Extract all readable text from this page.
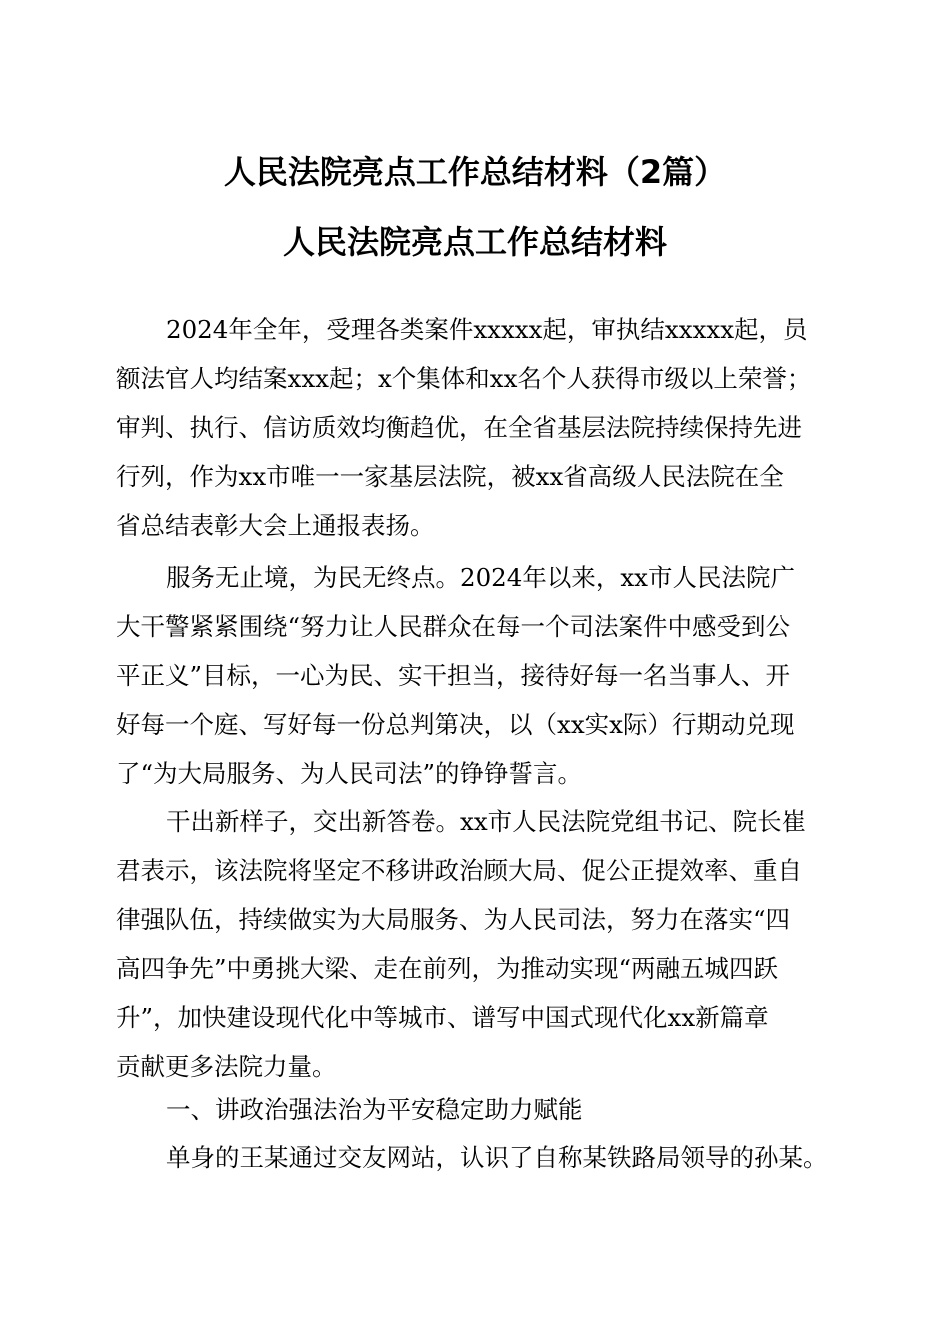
人民法院亮点工作总结材料（2篇）
人民法院亮点工作总结材料
2024年全年，受理各类案件xxxxx起，审执结xxxxx起，员
额法官人均结案xxx起；x个集体和xx名个人获得市级以上荣誉；
审判、执行、信访质效均衡趋优，在全省基层法院持续保持先进
行列，作为xx市唯一一家基层法院，被xx省高级人民法院在全
省总结表彰大会上通报表扬。
服务无止境，为民无终点。2024年以来，xx市人民法院广
大干警紧紧围绕“努力让人民群众在每一个司法案件中感受到公
平正义”目标，一心为民、实干担当，接待好每一名当事人、开
好每一个庭、写好每一份总判第决，以（xx实x际）行期动兑现
了“为大局服务、为人民司法”的铮铮誓言。
干出新样子，交出新答卷。xx市人民法院党组书记、院长崔
君表示，该法院将坚定不移讲政治顾大局、促公正提效率、重自
律强队伍，持续做实为大局服务、为人民司法，努力在落实“四
高四争先”中勇挑大梁、走在前列，为推动实现“两融五城四跃
升”，加快建设现代化中等城市、谱写中国式现代化xx新篇章
贡献更多法院力量。
一、讲政治强法治为平安稳定助力赋能
单身的王某通过交友网站，认识了自称某铁路局领导的孙某。
